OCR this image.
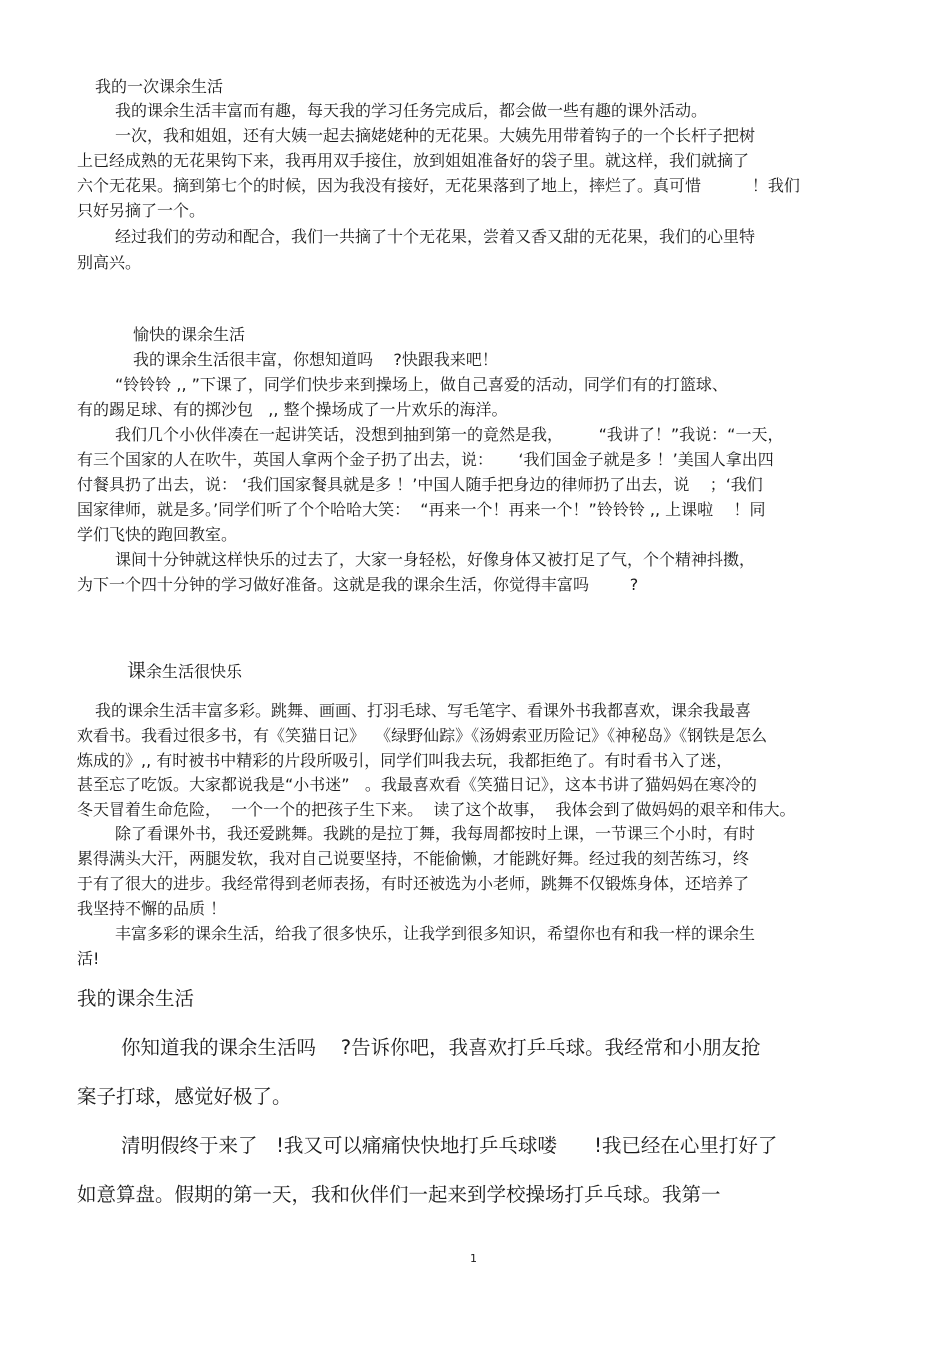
我的一次课余生活

我的课余生活丰富而有趣，每天我的学习任务完成后，都会做一些有趣的课外活动。

一次，我和姐姐，还有大姨一起去摘姥姥种的无花果。大姨先用带着钩子的一个长杆子把树

上已经成熟的无花果钩下来，我再用双手接住，放到姐姐准备好的袋子里。就这样，我们就摘了

六个无花果。摘到第七个的时候，因为我没有接好，无花果落到了地上，摔烂了。真可惜          ！我们

只好另摘了一个。

经过我们的劳动和配合，我们一共摘了十个无花果，尝着又香又甜的无花果，我们的心里特

别高兴。

愉快的课余生活

我的课余生活很丰富，你想知道吗    ?快跟我来吧！

“铃铃铃 ,, ”下课了，同学们快步来到操场上，做自己喜爱的活动，同学们有的打篮球、

有的踢足球、有的掷沙包   ,, 整个操场成了一片欢乐的海洋。

我们几个小伙伴凑在一起讲笑话，没想到抽到第一的竟然是我，       “我讲了！”我说：“一天，

有三个国家的人在吹牛，英国人拿两个金子扔了出去，说：     ‘我们国金子就是多 ！’美国人拿出四

付餐具扔了出去，说： ‘我们国家餐具就是多 ！’中国人随手把身边的律师扔了出去，说    ；‘我们

国家律师，就是多。’同学们听了个个哈哈大笑：  “再来一个！再来一个！”铃铃铃 ,, 上课啦    ！同

学们飞快的跑回教室。

课间十分钟就这样快乐的过去了，大家一身轻松，好像身体又被打足了气，个个精神抖擞，

为下一个四十分钟的学习做好准备。这就是我的课余生活，你觉得丰富吗        ?

课余生活很快乐

我的课余生活丰富多彩。跳舞、画画、打羽毛球、写毛笔字、看课外书我都喜欢，课余我最喜

欢看书。我看过很多书，有《笑猫日记》  《绿野仙踪》《汤姆索亚历险记》《神秘岛》《钢铁是怎么

炼成的》,, 有时被书中精彩的片段所吸引，同学们叫我去玩，我都拒绝了。有时看书入了迷，

甚至忘了吃饭。大家都说我是“小书迷”   。我最喜欢看《笑猫日记》，这本书讲了猫妈妈在寒冷的

冬天冒着生命危险，  一个一个的把孩子生下来。  读了这个故事，  我体会到了做妈妈的艰辛和伟大。

除了看课外书，我还爱跳舞。我跳的是拉丁舞，我每周都按时上课，一节课三个小时，有时

累得满头大汗，两腿发软，我对自己说要坚持，不能偷懒，才能跳好舞。经过我的刻苦练习，终

于有了很大的进步。我经常得到老师表扬，有时还被选为小老师，跳舞不仅锻炼身体，还培养了

我坚持不懈的品质 ！

丰富多彩的课余生活，给我了很多快乐，让我学到很多知识，希望你也有和我一样的课余生

活!

我的课余生活

你知道我的课余生活吗    ?告诉你吧，我喜欢打乒乓球。我经常和小朋友抢

案子打球，感觉好极了。

清明假终于来了   !我又可以痛痛快快地打乒乓球喽      !我已经在心里打好了

如意算盘。假期的第一天，我和伙伴们一起来到学校操场打乒乓球。我第一

1
